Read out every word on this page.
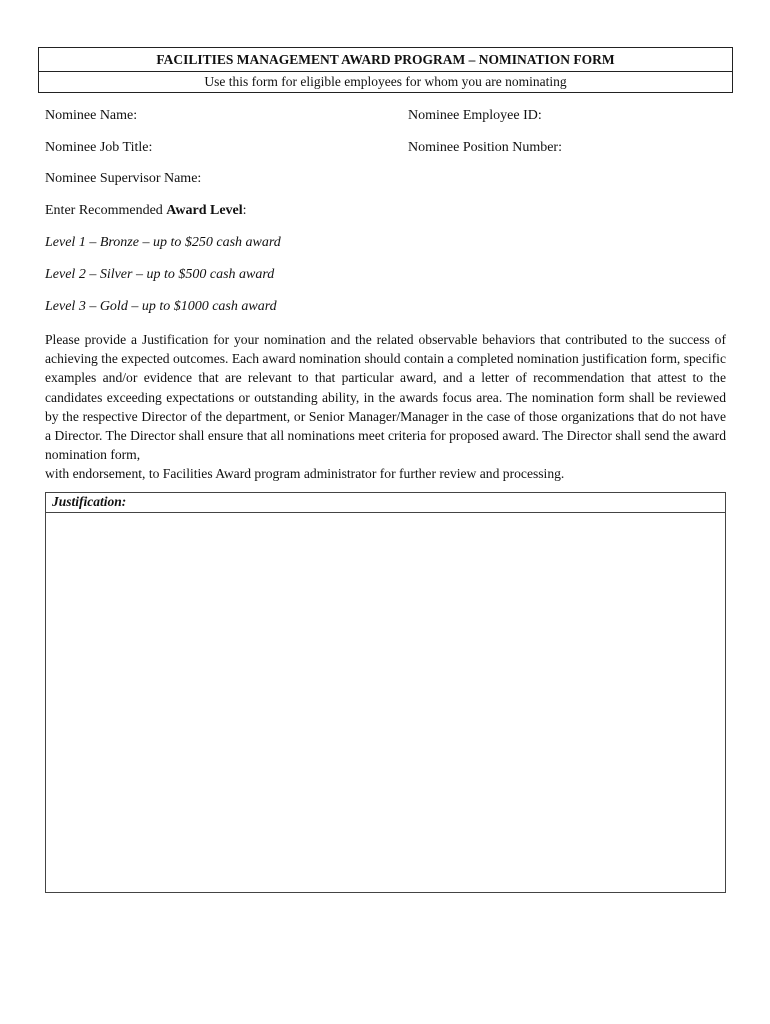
FACILITIES MANAGEMENT AWARD PROGRAM – NOMINATION FORM
Use this form for eligible employees for whom you are nominating
Nominee Name:	Nominee Employee ID:
Nominee Job Title:	Nominee Position Number:
Nominee Supervisor Name:
Enter Recommended Award Level:
Level 1 – Bronze – up to $250 cash award
Level 2 – Silver – up to $500 cash award
Level 3 – Gold – up to $1000 cash award
Please provide a Justification for your nomination and the related observable behaviors that contributed to the success of achieving the expected outcomes. Each award nomination should contain a completed nomination justification form, specific examples and/or evidence that are relevant to that particular award, and a letter of recommendation that attest to the candidates exceeding expectations or outstanding ability, in the awards focus area. The nomination form shall be reviewed by the respective Director of the department, or Senior Manager/Manager in the case of those organizations that do not have a Director. The Director shall ensure that all nominations meet criteria for proposed award. The Director shall send the award nomination form,
with endorsement, to Facilities Award program administrator for further review and processing.
Justification:
